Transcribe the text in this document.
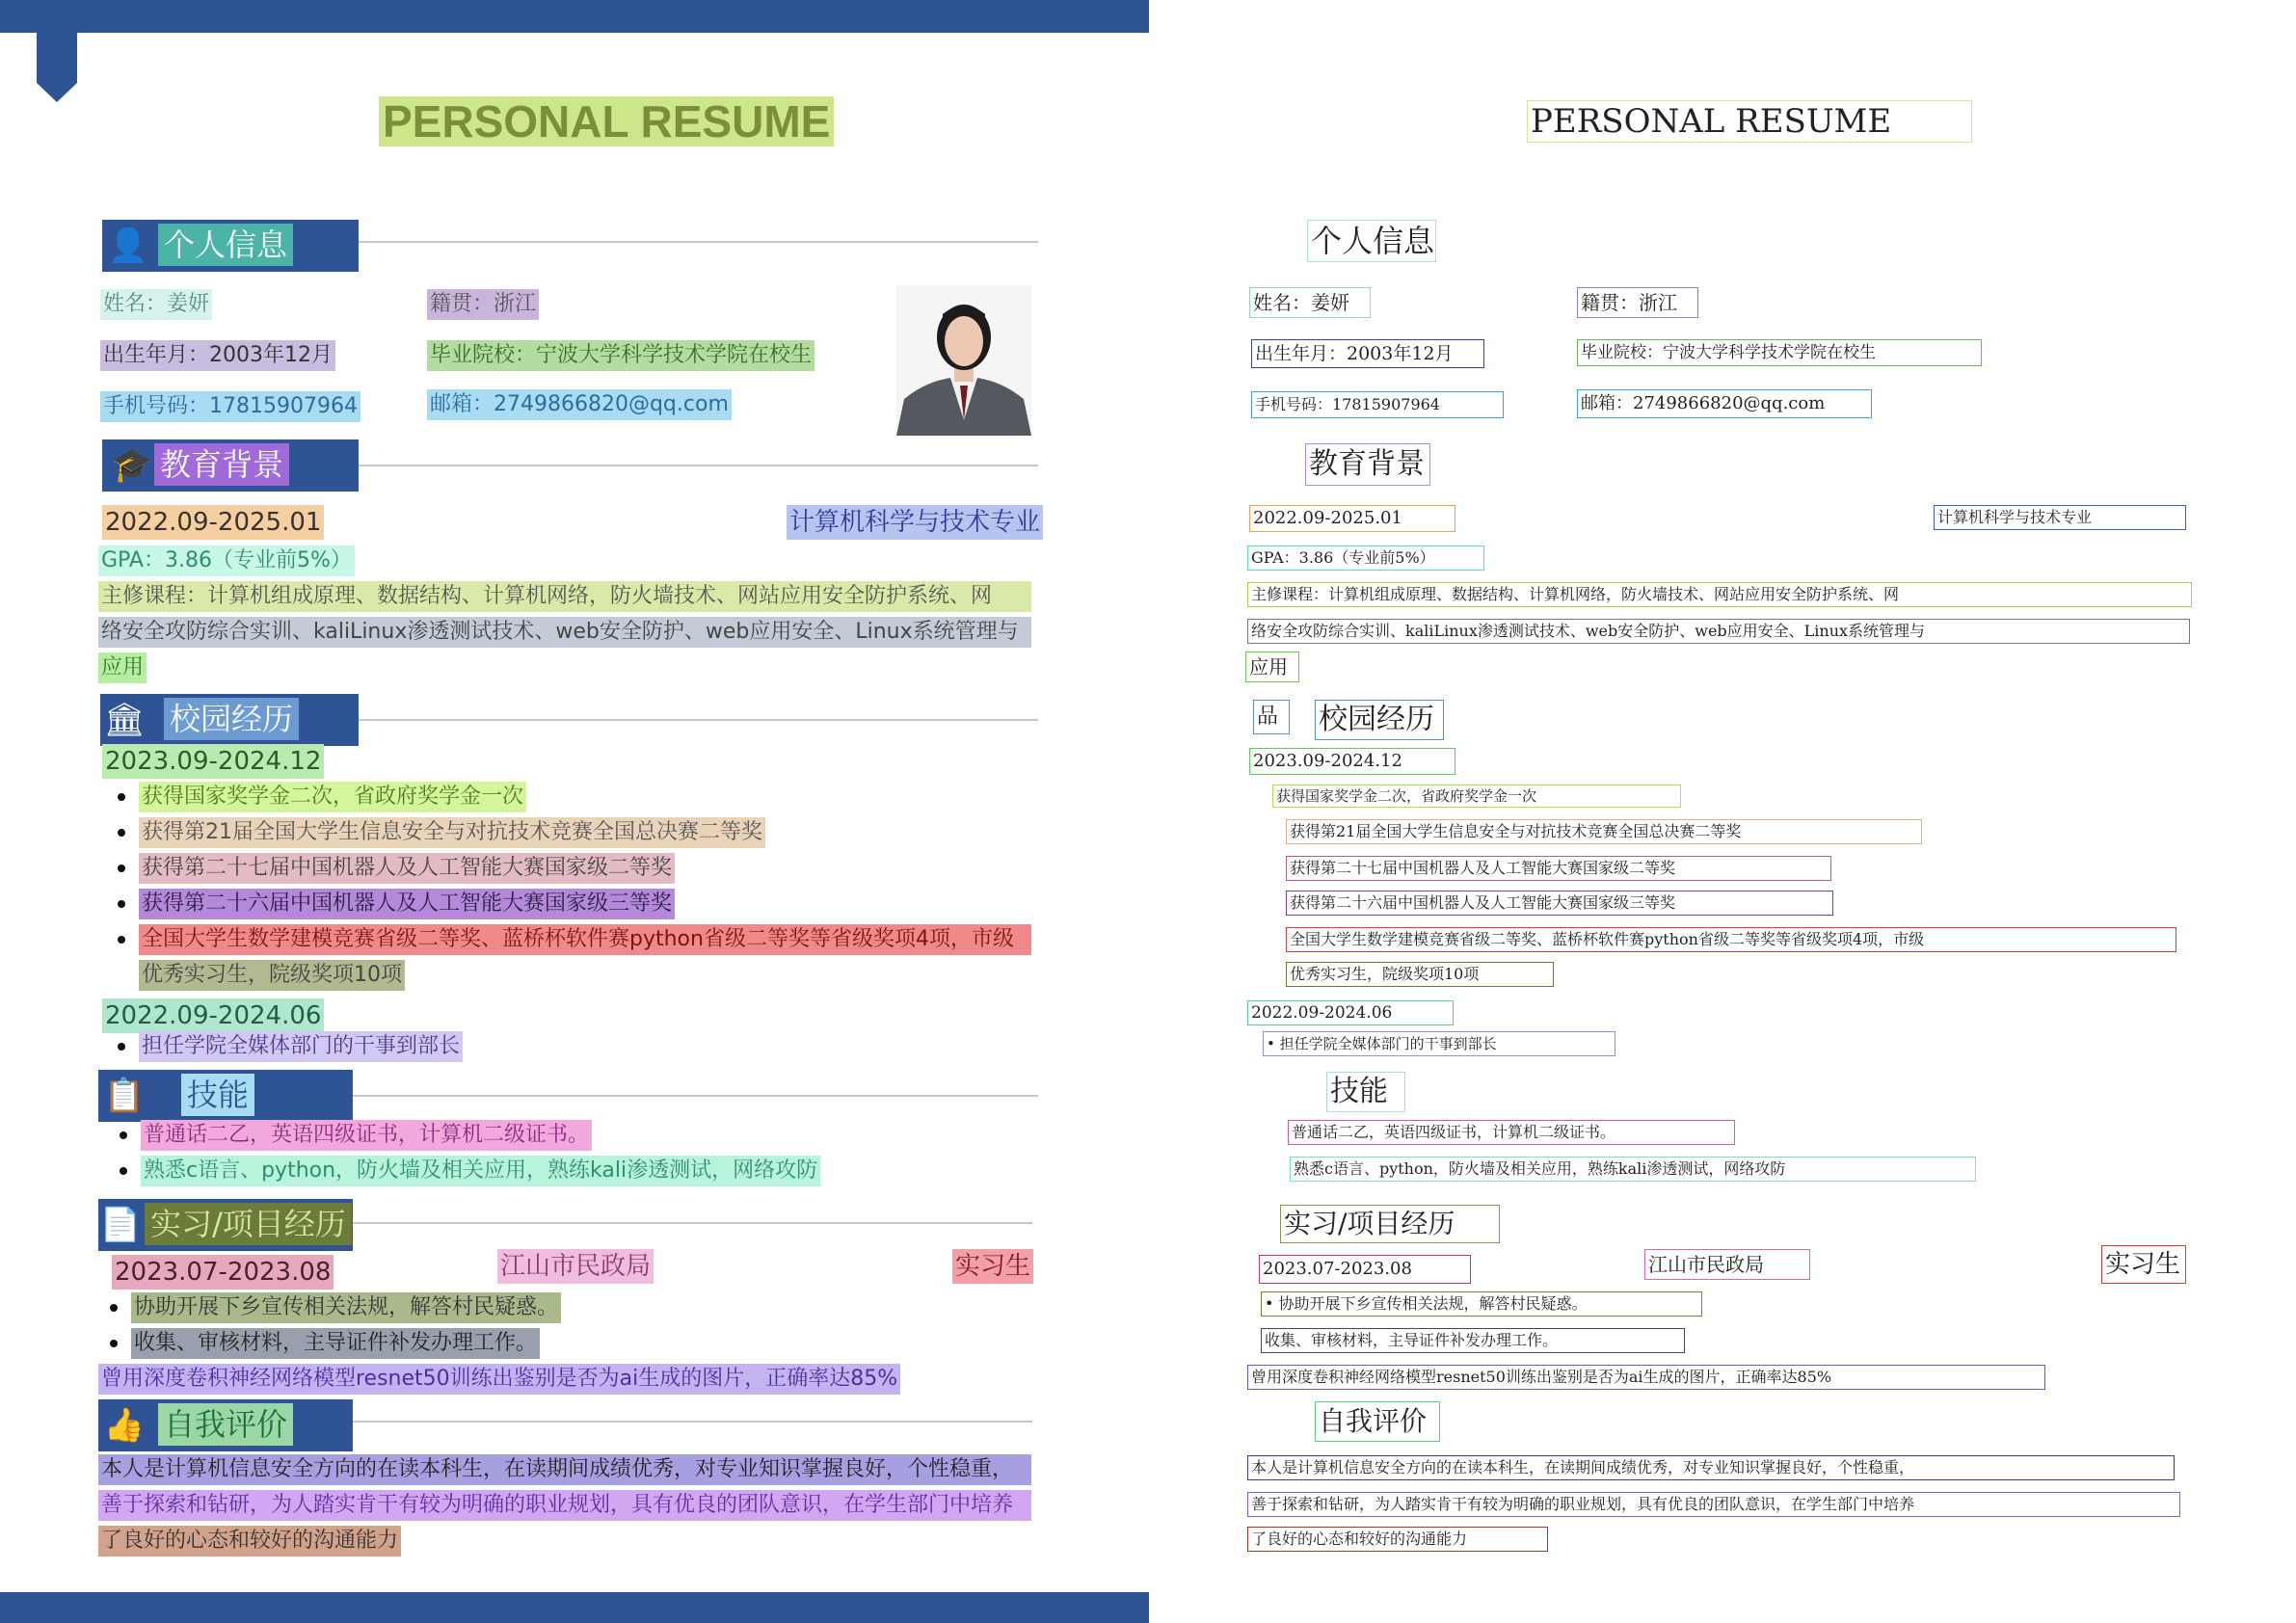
PERSONAL RESUME
👤 个人信息
姓名：姜妍	籍贯：浙江
出生年月：2003年12月	毕业院校：宁波大学科学技术学院在校生
手机号码：17815907964	邮箱：2749866820@qq.com
🎓 教育背景
2022.09-2025.01	计算机科学与技术专业
GPA：3.86（专业前5%）
主修课程：计算机组成原理、数据结构、计算机网络，防火墙技术、网站应用安全防护系统、网
络安全攻防综合实训、kaliLinux渗透测试技术、web安全防护、web应用安全、Linux系统管理与
应用
🏛 校园经历
2023.09-2024.12
获得国家奖学金二次，省政府奖学金一次
获得第21届全国大学生信息安全与对抗技术竞赛全国总决赛二等奖
获得第二十七届中国机器人及人工智能大赛国家级二等奖
获得第二十六届中国机器人及人工智能大赛国家级三等奖
全国大学生数学建模竞赛省级二等奖、蓝桥杯软件赛python省级二等奖等省级奖项4项，市级
优秀实习生，院级奖项10项
2022.09-2024.06
担任学院全媒体部门的干事到部长
📋 技能
普通话二乙，英语四级证书，计算机二级证书。
熟悉c语言、python，防火墙及相关应用，熟练kali渗透测试，网络攻防
📄 实习/项目经历
2023.07-2023.08	江山市民政局	实习生
协助开展下乡宣传相关法规，解答村民疑惑。
收集、审核材料，主导证件补发办理工作。
曾用深度卷积神经网络模型resnet50训练出鉴别是否为ai生成的图片，正确率达85%
👍 自我评价
本人是计算机信息安全方向的在读本科生，在读期间成绩优秀，对专业知识掌握良好，个性稳重，
善于探索和钻研，为人踏实肯干有较为明确的职业规划，具有优良的团队意识，在学生部门中培养
了良好的心态和较好的沟通能力
PERSONAL RESUME
个人信息
姓名：姜妍	籍贯：浙江
出生年月：2003年12月	毕业院校：宁波大学科学技术学院在校生
手机号码：17815907964	邮箱：2749866820@qq.com
教育背景
2022.09-2025.01	计算机科学与技术专业
GPA：3.86（专业前5%）
主修课程：计算机组成原理、数据结构、计算机网络，防火墙技术、网站应用安全防护系统、网
络安全攻防综合实训、kaliLinux渗透测试技术、web安全防护、web应用安全、Linux系统管理与
应用
品	校园经历
2023.09-2024.12
获得国家奖学金二次，省政府奖学金一次
获得第21届全国大学生信息安全与对抗技术竞赛全国总决赛二等奖
获得第二十七届中国机器人及人工智能大赛国家级二等奖
获得第二十六届中国机器人及人工智能大赛国家级三等奖
全国大学生数学建模竞赛省级二等奖、蓝桥杯软件赛python省级二等奖等省级奖项4项，市级
优秀实习生，院级奖项10项
2022.09-2024.06
• 担任学院全媒体部门的干事到部长
技能
普通话二乙，英语四级证书，计算机二级证书。
熟悉c语言、python，防火墙及相关应用，熟练kali渗透测试，网络攻防
实习/项目经历
2023.07-2023.08	江山市民政局	实习生
• 协助开展下乡宣传相关法规，解答村民疑惑。
收集、审核材料，主导证件补发办理工作。
曾用深度卷积神经网络模型resnet50训练出鉴别是否为ai生成的图片，正确率达85%
自我评价
本人是计算机信息安全方向的在读本科生，在读期间成绩优秀，对专业知识掌握良好，个性稳重，
善于探索和钻研，为人踏实肯干有较为明确的职业规划，具有优良的团队意识，在学生部门中培养
了良好的心态和较好的沟通能力
